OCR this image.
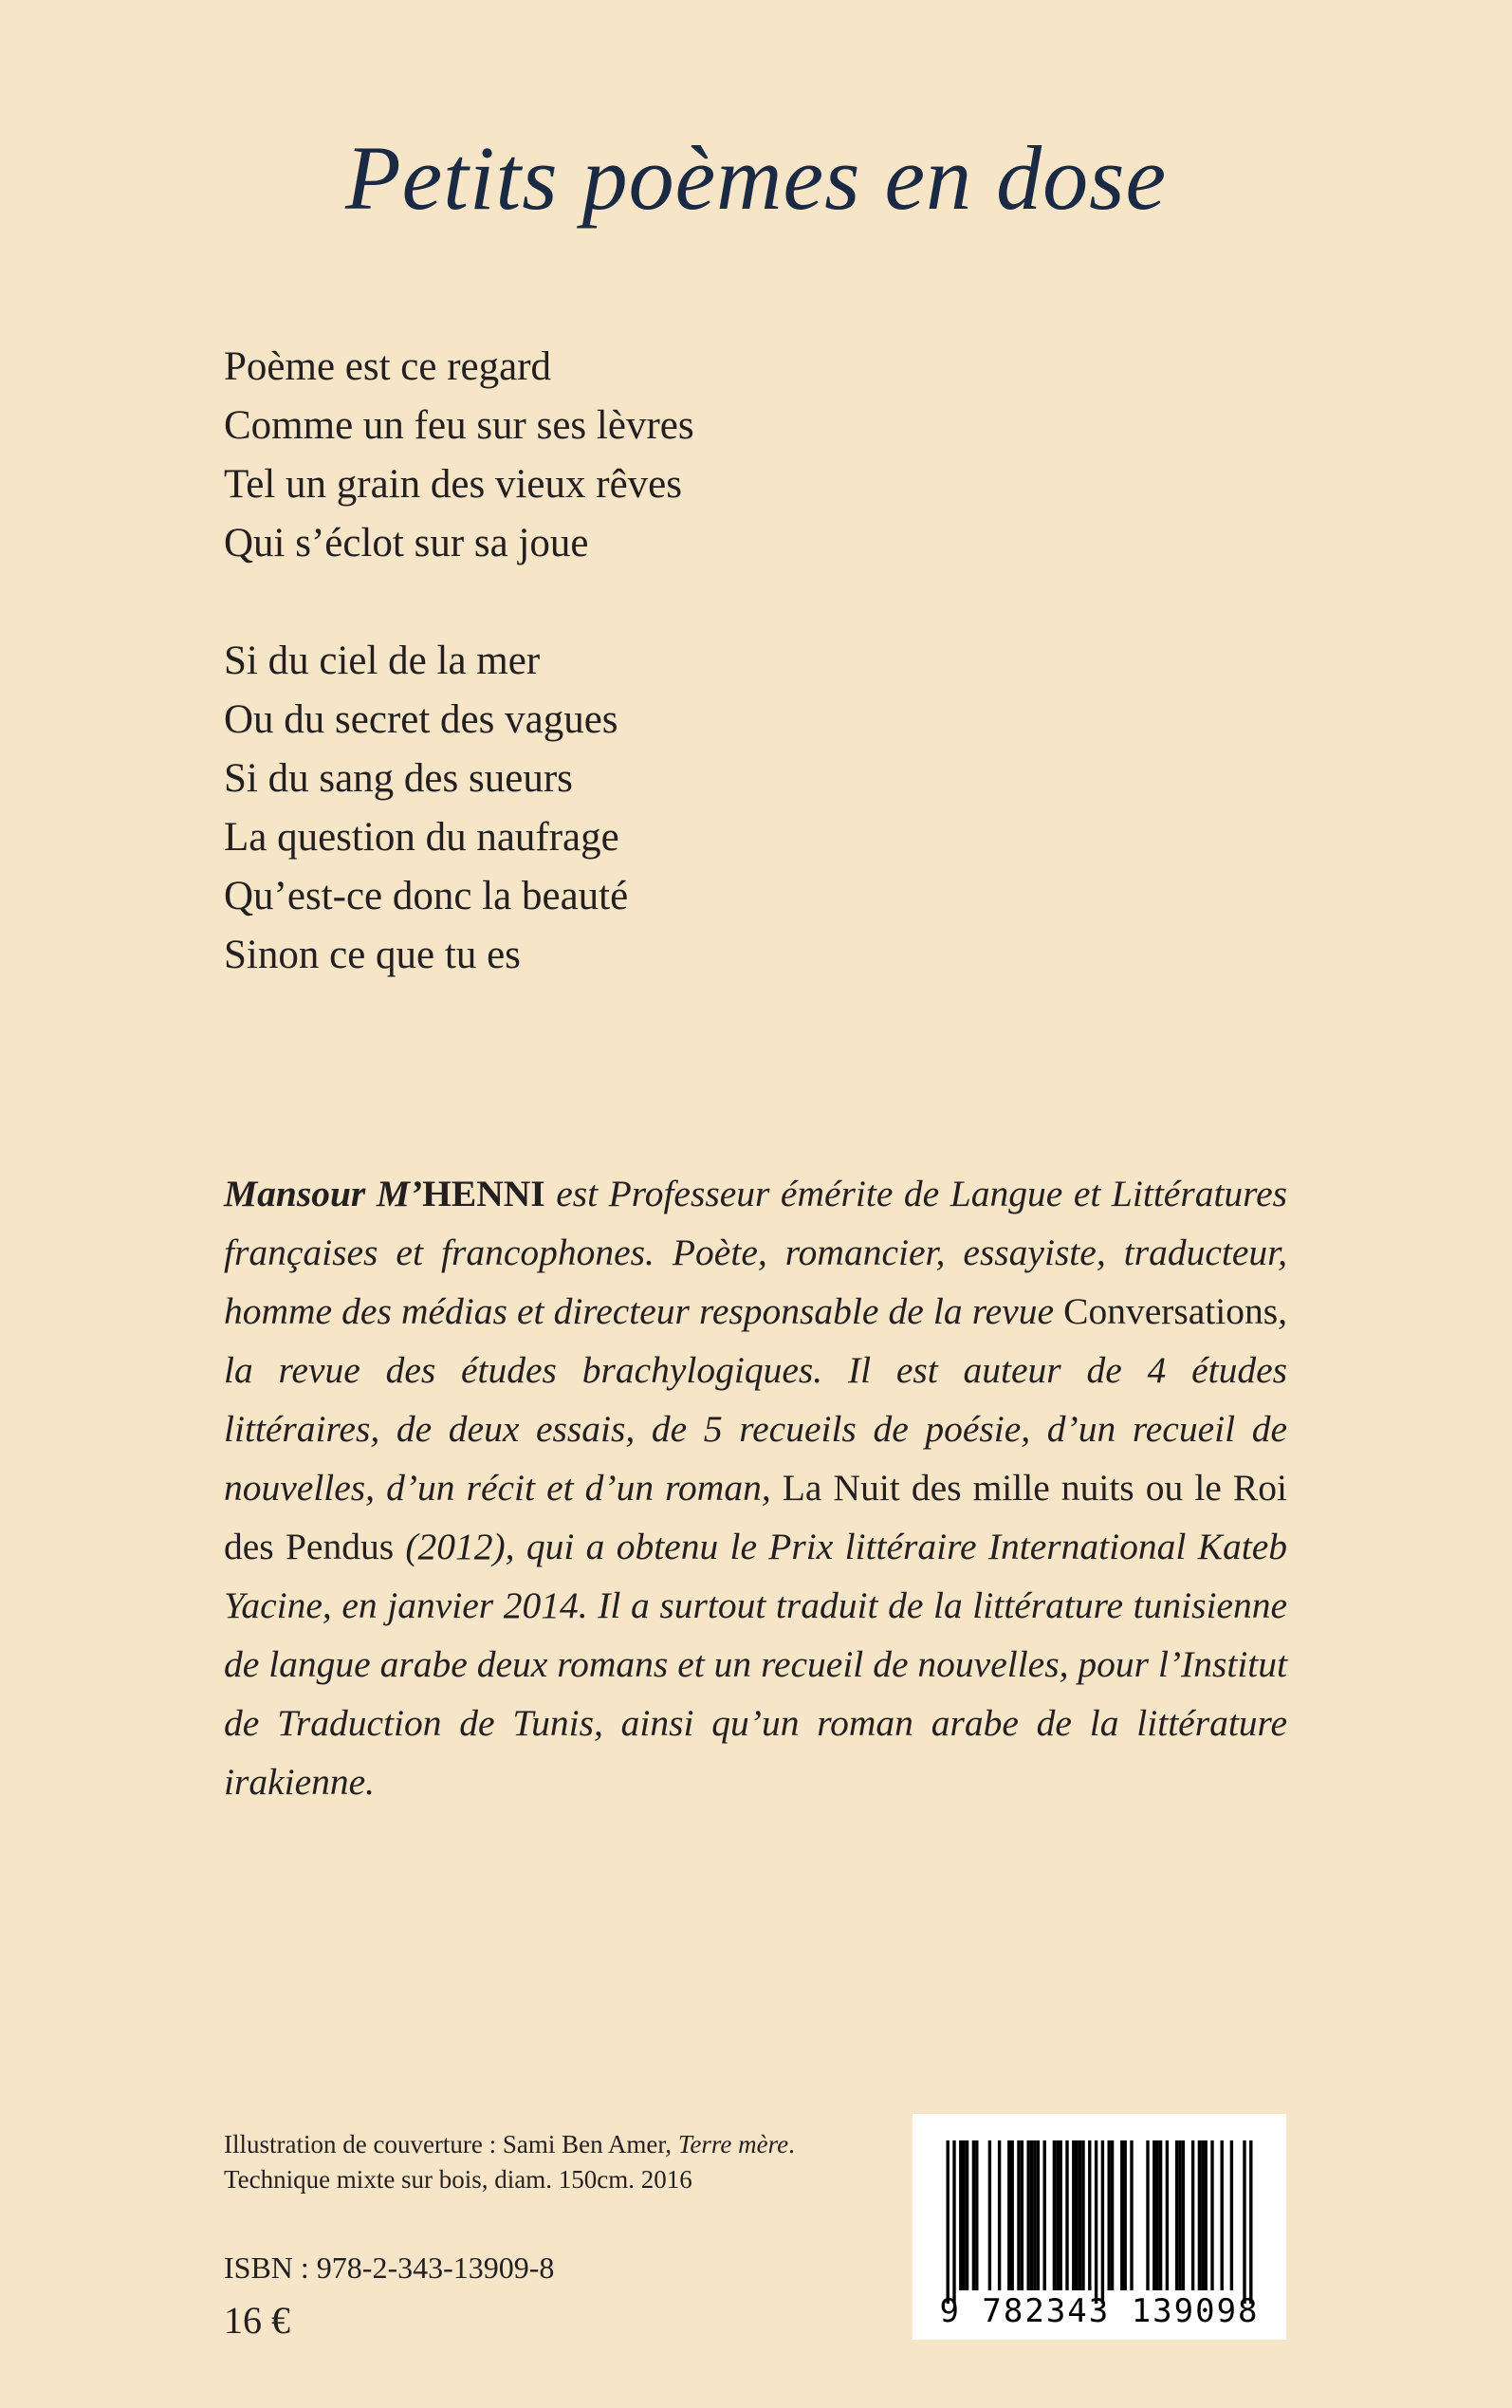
Petits poèmes en dose
Poème est ce regard
Comme un feu sur ses lèvres
Tel un grain des vieux rêves
Qui s’éclot sur sa joue
Si du ciel de la mer
Ou du secret des vagues
Si du sang des sueurs
La question du naufrage
Qu’est-ce donc la beauté
Sinon ce que tu es
Mansour M’HENNI est Professeur émérite de Langue et Littératures françaises et francophones. Poète, romancier, essayiste, traducteur, homme des médias et directeur responsable de la revue Conversations, la revue des études brachylogiques. Il est auteur de 4 études littéraires, de deux essais, de 5 recueils de poésie, d’un recueil de nouvelles, d’un récit et d’un roman, La Nuit des mille nuits ou le Roi des Pendus (2012), qui a obtenu le Prix littéraire International Kateb Yacine, en janvier 2014. Il a surtout traduit de la littérature tunisienne de langue arabe deux romans et un recueil de nouvelles, pour l’Institut de Traduction de Tunis, ainsi qu’un roman arabe de la littérature irakienne.
Illustration de couverture : Sami Ben Amer, Terre mère.
Technique mixte sur bois, diam. 150cm. 2016
ISBN : 978-2-343-13909-8
16 €	9 782343 139098
